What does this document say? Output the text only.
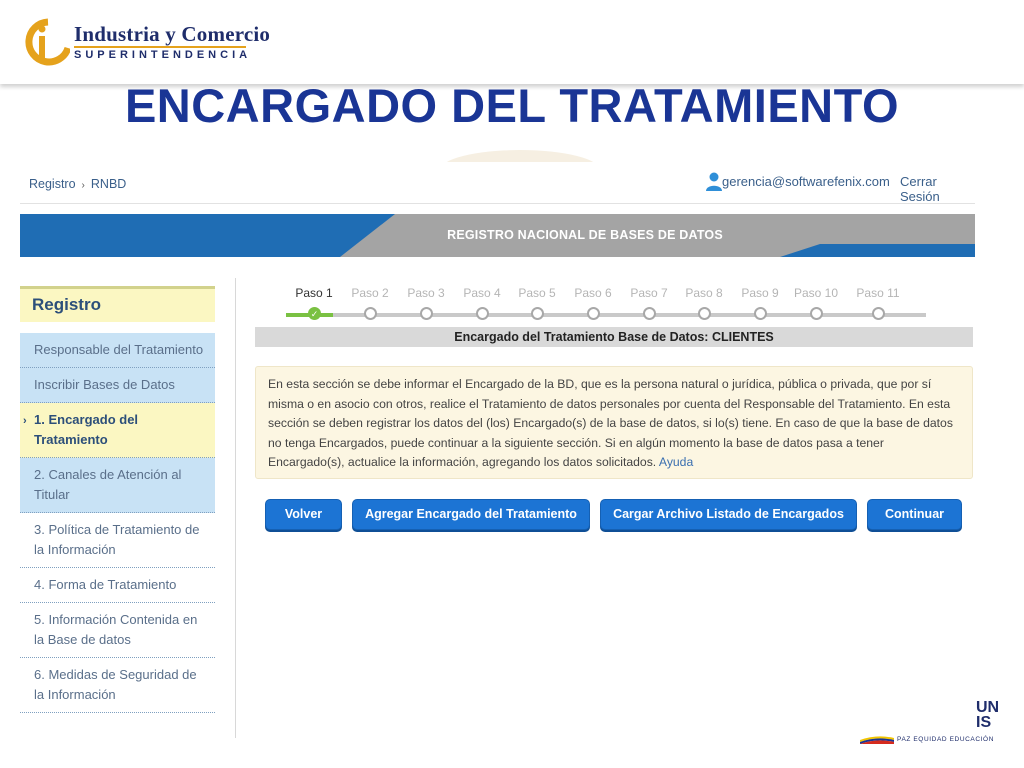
Industria y Comercio
SUPERINTENDENCIA
ENCARGADO DEL TRATAMIENTO
Registro › RNBD	gerencia@softwarefenix.com Cerrar Sesión
REGISTRO NACIONAL DE BASES DE DATOS
Registro
Responsable del Tratamiento
Inscribir Bases de Datos
› 1. Encargado del Tratamiento
2. Canales de Atención al Titular
3. Política de Tratamiento de la Información
4. Forma de Tratamiento
5. Información Contenida en la Base de datos
6. Medidas de Seguridad de la Información
Paso 1
✓
Paso 2	Paso 3	Paso 4	Paso 5	Paso 6	Paso 7	Paso 8	Paso 9	Paso 10	Paso 11
Encargado del Tratamiento Base de Datos: CLIENTES
En esta sección se debe informar el Encargado de la BD, que es la persona natural o jurídica, pública o privada, que por sí misma o en asocio con otros, realice el Tratamiento de datos personales por cuenta del Responsable del Tratamiento. En esta sección se deben registrar los datos del (los) Encargado(s) de la base de datos, si lo(s) tiene. En caso de que la base de datos no tenga Encargados, puede continuar a la siguiente sección. Si en algún momento la base de datos pasa a tener Encargado(s), actualice la información, agregando los datos solicitados. Ayuda
Volver	Agregar Encargado del Tratamiento	Cargar Archivo Listado de Encargados	Continuar
UNIS
PAZ EQUIDAD EDUCACIÓN
